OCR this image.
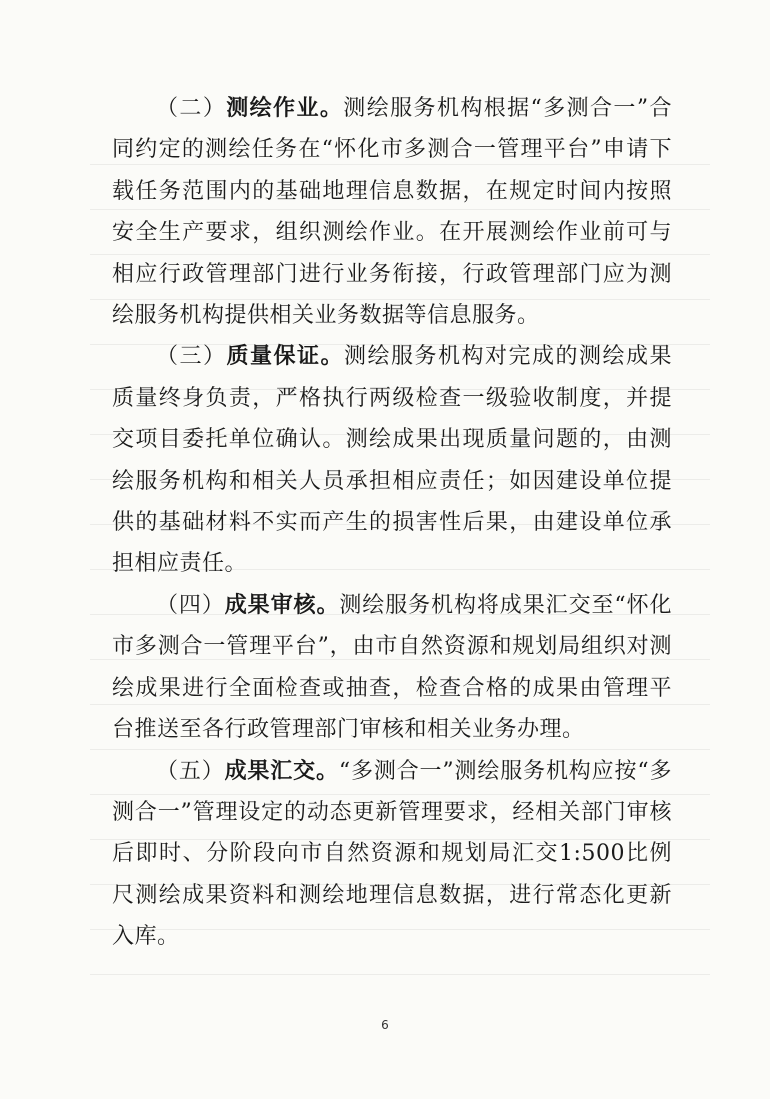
（二）测绘作业。测绘服务机构根据“多测合一”合同约定的测绘任务在“怀化市多测合一管理平台”申请下载任务范围内的基础地理信息数据，在规定时间内按照安全生产要求，组织测绘作业。在开展测绘作业前可与相应行政管理部门进行业务衔接，行政管理部门应为测绘服务机构提供相关业务数据等信息服务。

（三）质量保证。测绘服务机构对完成的测绘成果质量终身负责，严格执行两级检查一级验收制度，并提交项目委托单位确认。测绘成果出现质量问题的，由测绘服务机构和相关人员承担相应责任；如因建设单位提供的基础材料不实而产生的损害性后果，由建设单位承担相应责任。

（四）成果审核。测绘服务机构将成果汇交至“怀化市多测合一管理平台”，由市自然资源和规划局组织对测绘成果进行全面检查或抽查，检查合格的成果由管理平台推送至各行政管理部门审核和相关业务办理。

（五）成果汇交。“多测合一”测绘服务机构应按“多测合一”管理设定的动态更新管理要求，经相关部门审核后即时、分阶段向市自然资源和规划局汇交1:500比例尺测绘成果资料和测绘地理信息数据，进行常态化更新入库。

6
